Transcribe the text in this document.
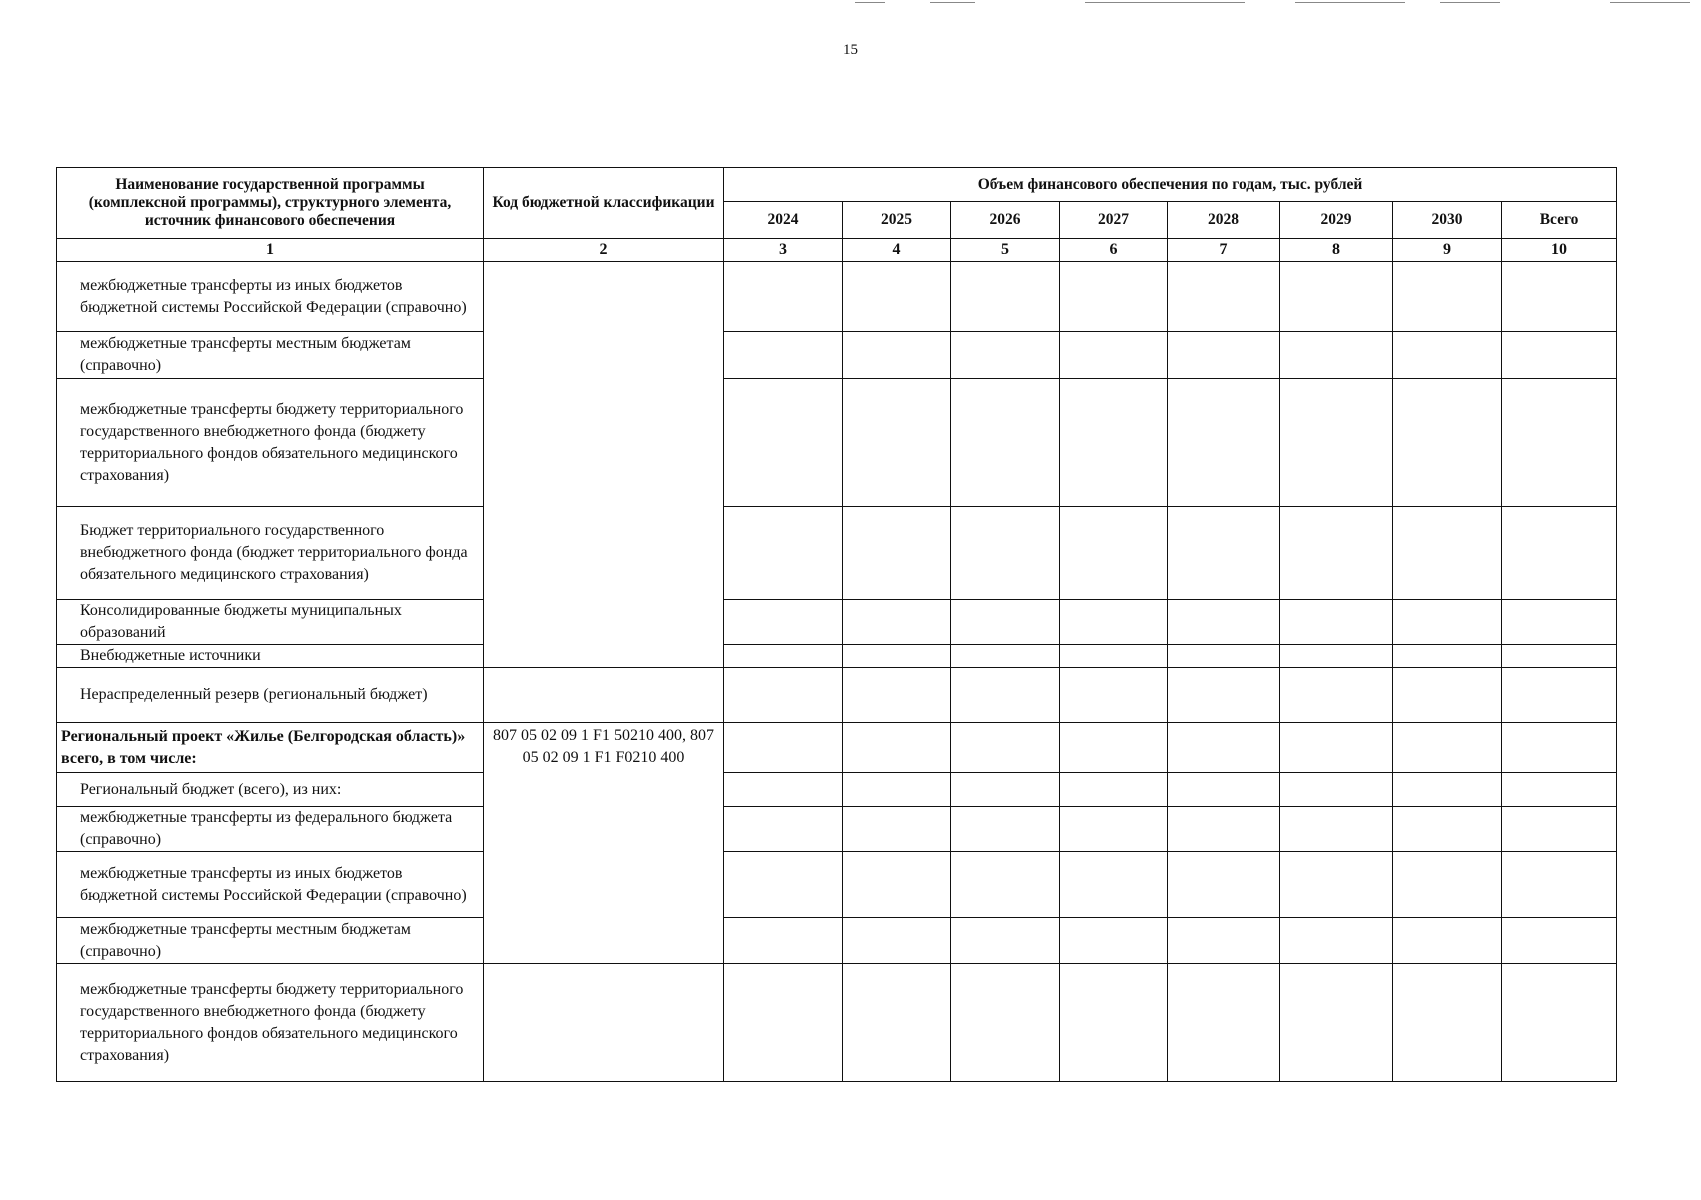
15
Наименование государственной программы (комплексной программы), структурного элемента, источник финансового обеспечения	Код бюджетной классификации	Объем финансового обеспечения по годам, тыс. рублей							
		2024	2025	2026	2027	2028	2029	2030	Всего
1	2	3	4	5	6	7	8	9	10
межбюджетные трансферты из иных бюджетов бюджетной системы Российской Федерации (справочно)									
межбюджетные трансферты местным бюджетам (справочно)									
межбюджетные трансферты бюджету территориального государственного внебюджетного фонда (бюджету территориального фондов обязательного медицинского страхования)									
Бюджет территориального государственного внебюджетного фонда (бюджет территориального фонда обязательного медицинского страхования)									
Консолидированные бюджеты муниципальных образований									
Внебюджетные источники									
Нераспределенный резерв (региональный бюджет)									
Региональный проект «Жилье (Белгородская область)» всего, в том числе:	807 05 02 09 1 F1 50210 400, 807 05 02 09 1 F1 F0210 400								
Региональный бюджет (всего), из них:									
межбюджетные трансферты из федерального бюджета (справочно)									
межбюджетные трансферты из иных бюджетов бюджетной системы Российской Федерации (справочно)									
межбюджетные трансферты местным бюджетам (справочно)									
межбюджетные трансферты бюджету территориального государственного внебюджетного фонда (бюджету территориального фондов обязательного медицинского страхования)									
